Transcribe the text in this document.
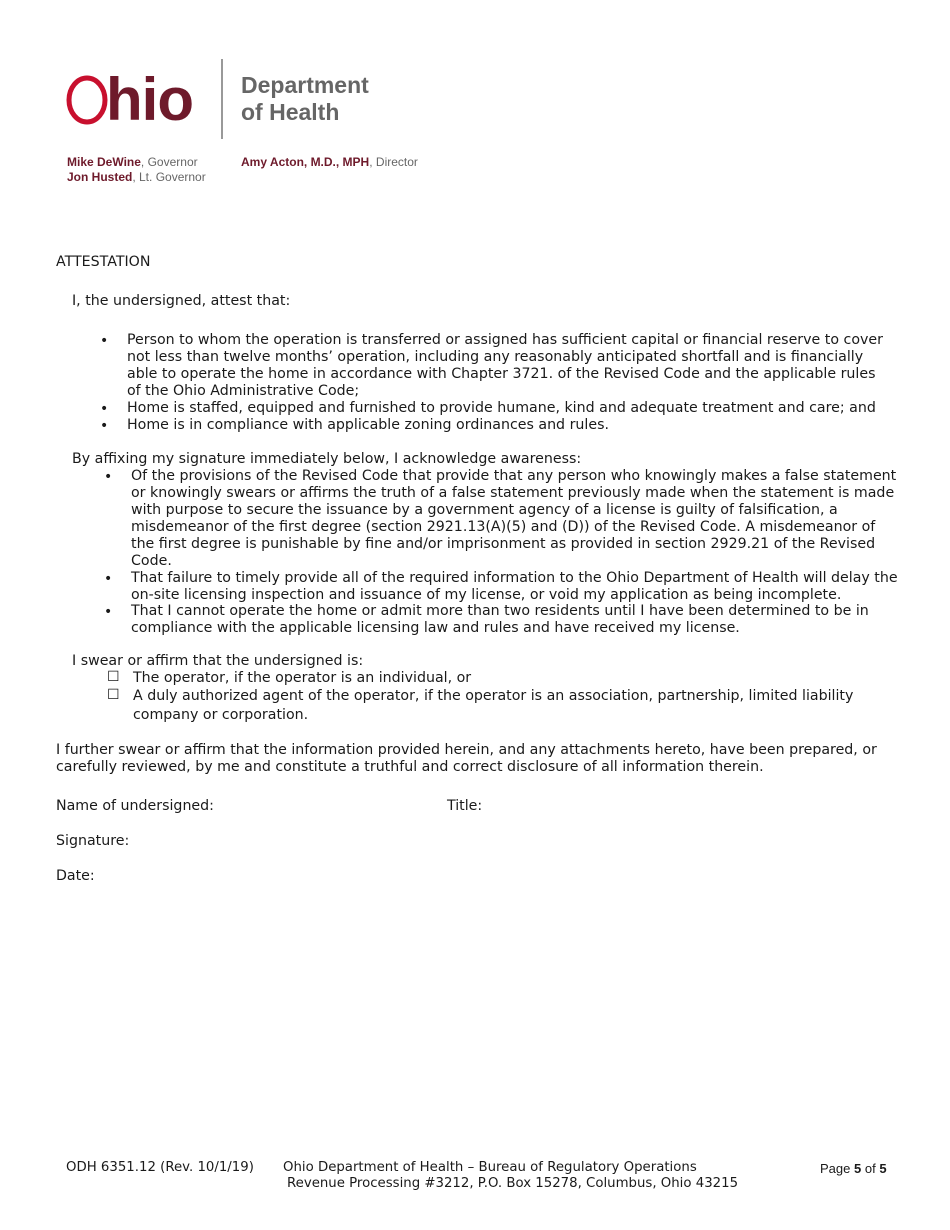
hio Department
of Health
Mike DeWine, Governor
Jon Husted, Lt. Governor
Amy Acton, M.D., MPH, Director
ATTESTATION
I, the undersigned, attest that:
• Person to whom the operation is transferred or assigned has sufficient capital or financial reserve to cover
not less than twelve months’ operation, including any reasonably anticipated shortfall and is financially
able to operate the home in accordance with Chapter 3721. of the Revised Code and the applicable rules
of the Ohio Administrative Code;
• Home is staffed, equipped and furnished to provide humane, kind and adequate treatment and care; and
• Home is in compliance with applicable zoning ordinances and rules.
By affixing my signature immediately below, I acknowledge awareness:
• Of the provisions of the Revised Code that provide that any person who knowingly makes a false statement
or knowingly swears or affirms the truth of a false statement previously made when the statement is made
with purpose to secure the issuance by a government agency of a license is guilty of falsification, a
misdemeanor of the first degree (section 2921.13(A)(5) and (D)) of the Revised Code. A misdemeanor of
the first degree is punishable by fine and/or imprisonment as provided in section 2929.21 of the Revised
Code.
• That failure to timely provide all of the required information to the Ohio Department of Health will delay the
on-site licensing inspection and issuance of my license, or void my application as being incomplete.
• That I cannot operate the home or admit more than two residents until I have been determined to be in
compliance with the applicable licensing law and rules and have received my license.
I swear or affirm that the undersigned is:
☐ The operator, if the operator is an individual, or
☐ A duly authorized agent of the operator, if the operator is an association, partnership, limited liability
company or corporation.
I further swear or affirm that the information provided herein, and any attachments hereto, have been prepared, or
carefully reviewed, by me and constitute a truthful and correct disclosure of all information therein.
Name of undersigned:	Title:
Signature:
Date:
ODH 6351.12 (Rev. 10/1/19) Ohio Department of Health – Bureau of Regulatory Operations
Revenue Processing #3212, P.O. Box 15278, Columbus, Ohio 43215
Page 5 of 5
